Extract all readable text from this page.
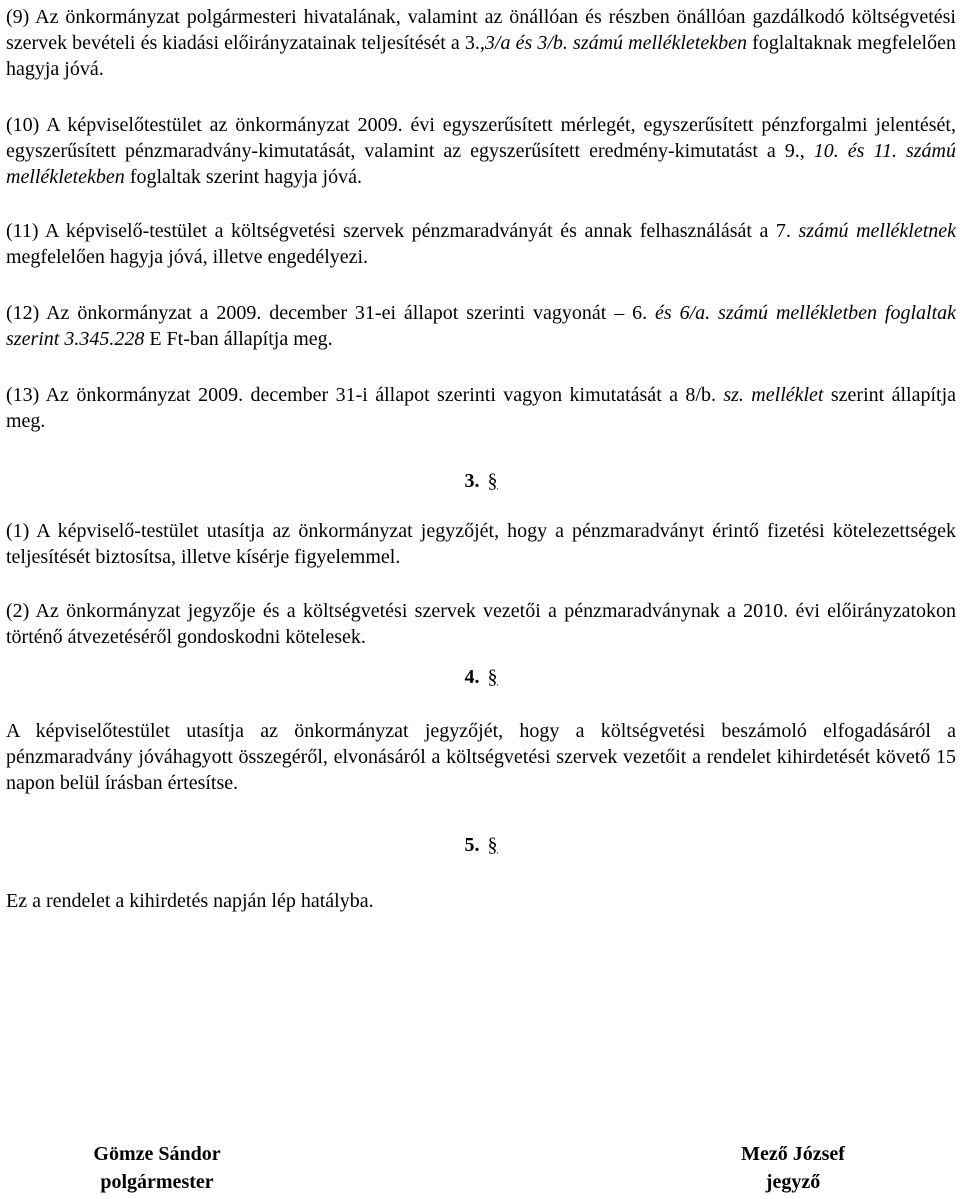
(9) Az önkormányzat polgármesteri hivatalának, valamint az önállóan és részben önállóan gazdálkodó költségvetési szervek bevételi és kiadási előirányzatainak teljesítését a 3.,3/a és 3/b. számú mellékletekben foglaltaknak megfelelően hagyja jóvá.

(10) A képviselőtestület az önkormányzat 2009. évi egyszerűsített mérlegét, egyszerűsített pénzforgalmi jelentését, egyszerűsített pénzmaradvány-kimutatását, valamint az egyszerűsített eredmény-kimutatást a 9., 10. és 11. számú mellékletekben foglaltak szerint hagyja jóvá.

(11) A képviselő-testület a költségvetési szervek pénzmaradványát és annak felhasználását a 7. számú mellékletnek megfelelően hagyja jóvá, illetve engedélyezi.

(12) Az önkormányzat a 2009. december 31-ei állapot szerinti vagyonát – 6. és 6/a. számú mellékletben foglaltak szerint 3.345.228 E Ft-ban állapítja meg.

(13) Az önkormányzat 2009. december 31-i állapot szerinti vagyon kimutatását a 8/b. sz. melléklet szerint állapítja meg.

3. §

(1) A képviselő-testület utasítja az önkormányzat jegyzőjét, hogy a pénzmaradványt érintő fizetési kötelezettségek teljesítését biztosítsa, illetve kísérje figyelemmel.

(2) Az önkormányzat jegyzője és a költségvetési szervek vezetői a pénzmaradványnak a 2010. évi előirányzatokon történő átvezetéséről gondoskodni kötelesek.

4. §

A képviselőtestület utasítja az önkormányzat jegyzőjét, hogy a költségvetési beszámoló elfogadásáról a pénzmaradvány jóváhagyott összegéről, elvonásáról a költségvetési szervek vezetőit a rendelet kihirdetését követő 15 napon belül írásban értesítse.

5. §

Ez a rendelet a kihirdetés napján lép hatályba.

Gömze Sándor
polgármester
Mező József
jegyző
